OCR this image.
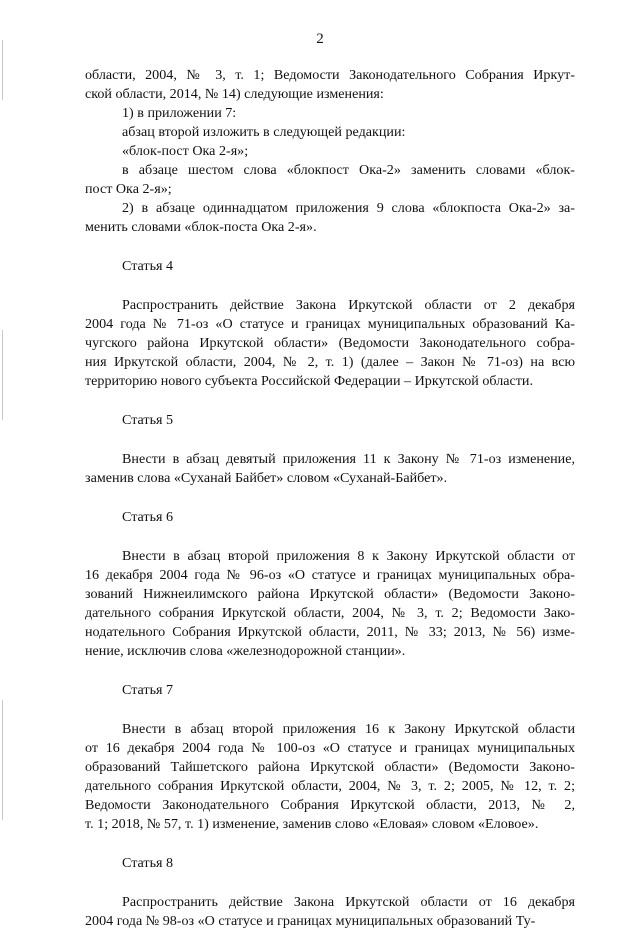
2
области, 2004, № 3, т. 1; Ведомости Законодательного Собрания Иркут-
ской области, 2014, № 14) следующие изменения:
1) в приложении 7:
абзац второй изложить в следующей редакции:
«блок-пост Ока 2-я»;
в абзаце шестом слова «блокпост Ока-2» заменить словами «блок-
пост Ока 2-я»;
2) в абзаце одиннадцатом приложения 9 слова «блокпоста Ока-2» за-
менить словами «блок-поста Ока 2-я».
Статья 4
Распространить действие Закона Иркутской области от 2 декабря
2004 года № 71-оз «О статусе и границах муниципальных образований Ка-
чугского района Иркутской области» (Ведомости Законодательного собра-
ния Иркутской области, 2004, № 2, т. 1) (далее – Закон № 71-оз) на всю
территорию нового субъекта Российской Федерации – Иркутской области.
Статья 5
Внести в абзац девятый приложения 11 к Закону № 71-оз изменение,
заменив слова «Суханай Байбет» словом «Суханай-Байбет».
Статья 6
Внести в абзац второй приложения 8 к Закону Иркутской области от
16 декабря 2004 года № 96-оз «О статусе и границах муниципальных обра-
зований Нижнеилимского района Иркутской области» (Ведомости Законо-
дательного собрания Иркутской области, 2004, № 3, т. 2; Ведомости Зако-
нодательного Собрания Иркутской области, 2011, № 33; 2013, № 56) изме-
нение, исключив слова «железнодорожной станции».
Статья 7
Внести в абзац второй приложения 16 к Закону Иркутской области
от 16 декабря 2004 года № 100-оз «О статусе и границах муниципальных
образований Тайшетского района Иркутской области» (Ведомости Законо-
дательного собрания Иркутской области, 2004, № 3, т. 2; 2005, № 12, т. 2;
Ведомости Законодательного Собрания Иркутской области, 2013, № 2,
т. 1; 2018, № 57, т. 1) изменение, заменив слово «Еловая» словом «Еловое».
Статья 8
Распространить действие Закона Иркутской области от 16 декабря
2004 года № 98-оз «О статусе и границах муниципальных образований Ту-
